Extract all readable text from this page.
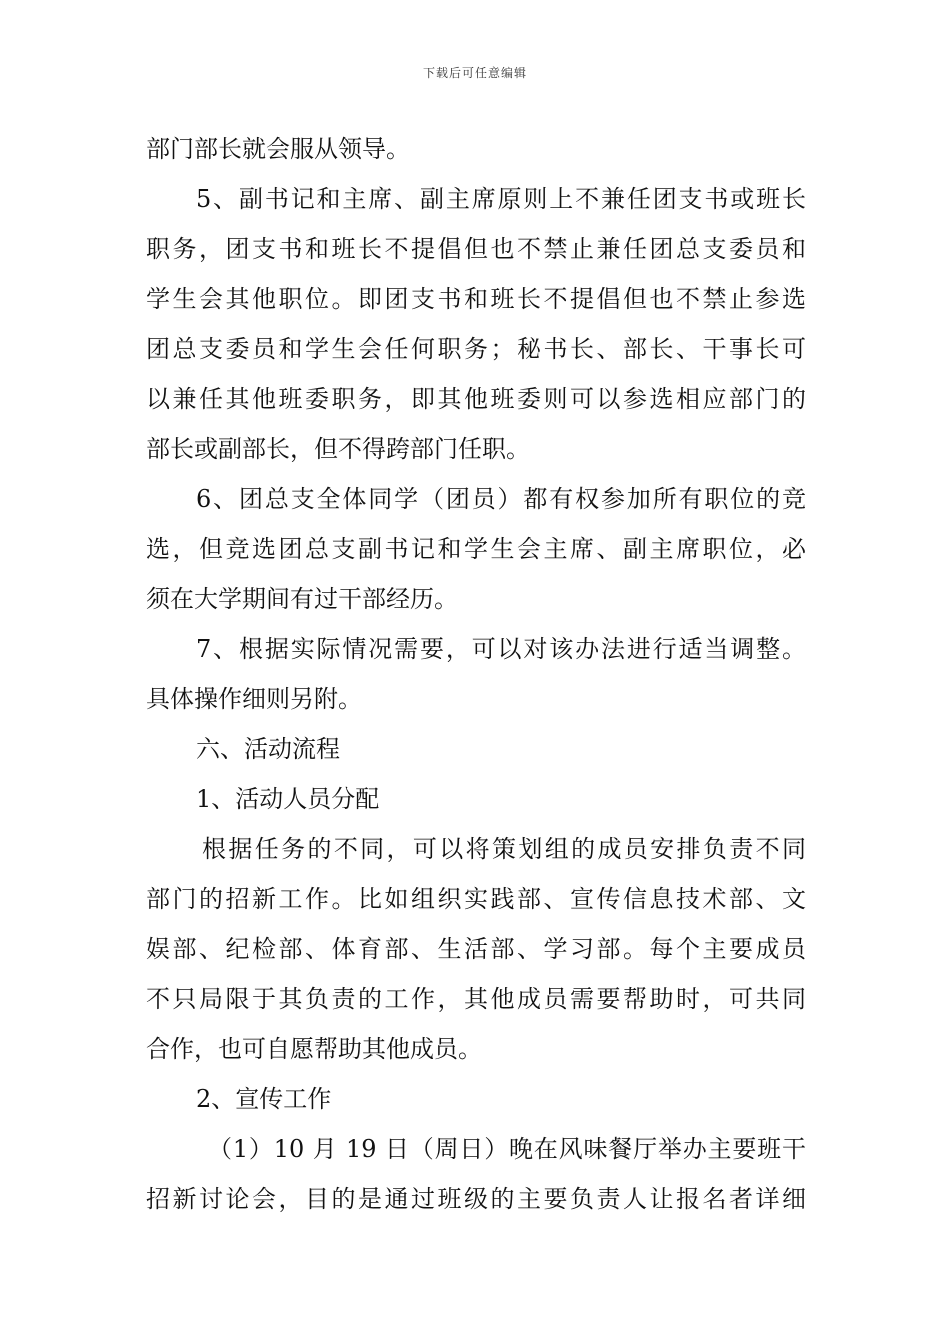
下载后可任意编辑
部门部长就会服从领导。
5、副书记和主席、副主席原则上不兼任团支书或班长
职务，团支书和班长不提倡但也不禁止兼任团总支委员和
学生会其他职位。即团支书和班长不提倡但也不禁止参选
团总支委员和学生会任何职务；秘书长、部长、干事长可
以兼任其他班委职务，即其他班委则可以参选相应部门的
部长或副部长，但不得跨部门任职。
6、团总支全体同学（团员）都有权参加所有职位的竞
选，但竞选团总支副书记和学生会主席、副主席职位，必
须在大学期间有过干部经历。
7、根据实际情况需要，可以对该办法进行适当调整。
具体操作细则另附。
六、活动流程
1、活动人员分配
根据任务的不同，可以将策划组的成员安排负责不同
部门的招新工作。比如组织实践部、宣传信息技术部、文
娱部、纪检部、体育部、生活部、学习部。每个主要成员
不只局限于其负责的工作，其他成员需要帮助时，可共同
合作，也可自愿帮助其他成员。
2、宣传工作
（1）10 月 19 日（周日）晚在风味餐厅举办主要班干
招新讨论会，目的是通过班级的主要负责人让报名者详细
